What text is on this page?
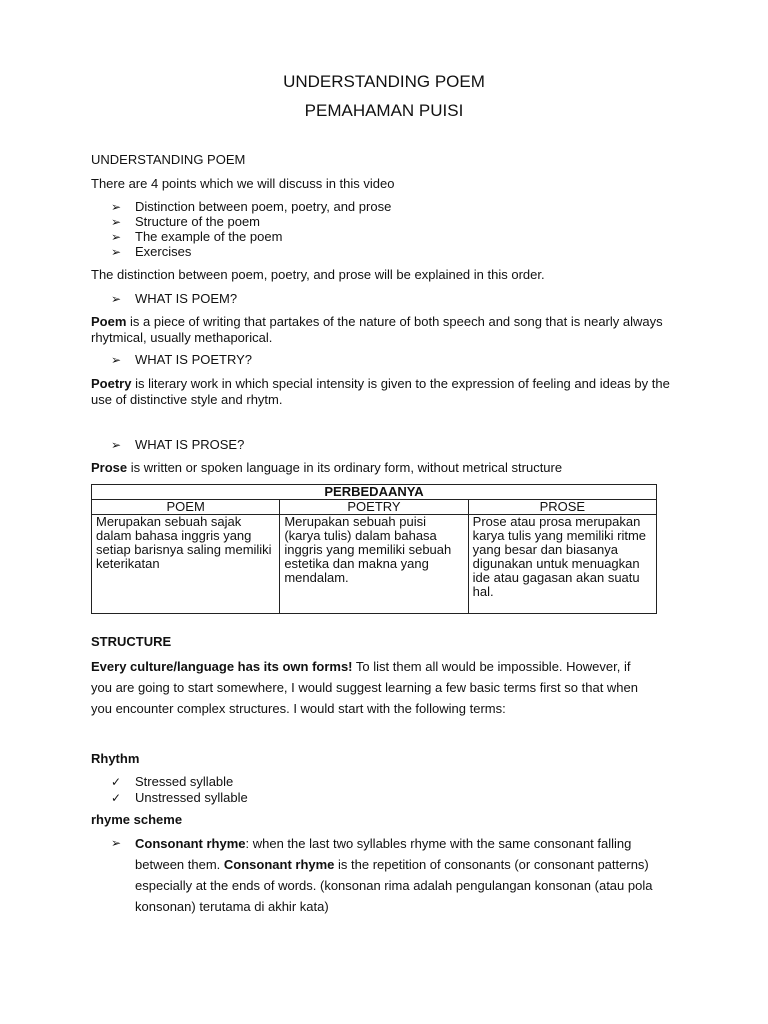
UNDERSTANDING POEM

PEMAHAMAN PUISI

UNDERSTANDING POEM

There are 4 points which we will discuss in this video

➢ Distinction between poem, poetry, and prose

➢ Structure of the poem

➢ The example of the poem

➢ Exercises

The distinction between poem, poetry, and prose will be explained in this order.

➢ WHAT IS POEM?

Poem is a piece of writing that partakes of the nature of both speech and song that is nearly always rhytmical, usually methaporical.

➢ WHAT IS POETRY?

Poetry is literary work in which special intensity is given to the expression of feeling and ideas by the use of distinctive style and rhytm.

➢ WHAT IS PROSE?

Prose is written or spoken language in its ordinary form, without metrical structure

PERBEDAANYA		
POEM	POETRY	PROSE
Merupakan sebuah sajak dalam bahasa inggris yang setiap barisnya saling memiliki keterikatan	Merupakan sebuah puisi (karya tulis) dalam bahasa inggris yang memiliki sebuah estetika dan makna yang mendalam.	Prose atau prosa merupakan karya tulis yang memiliki ritme yang besar dan biasanya digunakan untuk menuagkan ide atau gagasan akan suatu hal.

STRUCTURE

Every culture/language has its own forms! To list them all would be impossible. However, if you are going to start somewhere, I would suggest learning a few basic terms first so that when you encounter complex structures. I would start with the following terms:

Rhythm

✓ Stressed syllable

✓ Unstressed syllable

rhyme scheme

➢ Consonant rhyme: when the last two syllables rhyme with the same consonant falling between them. Consonant rhyme is the repetition of consonants (or consonant patterns) especially at the ends of words. (konsonan rima adalah pengulangan konsonan (atau pola konsonan) terutama di akhir kata)
